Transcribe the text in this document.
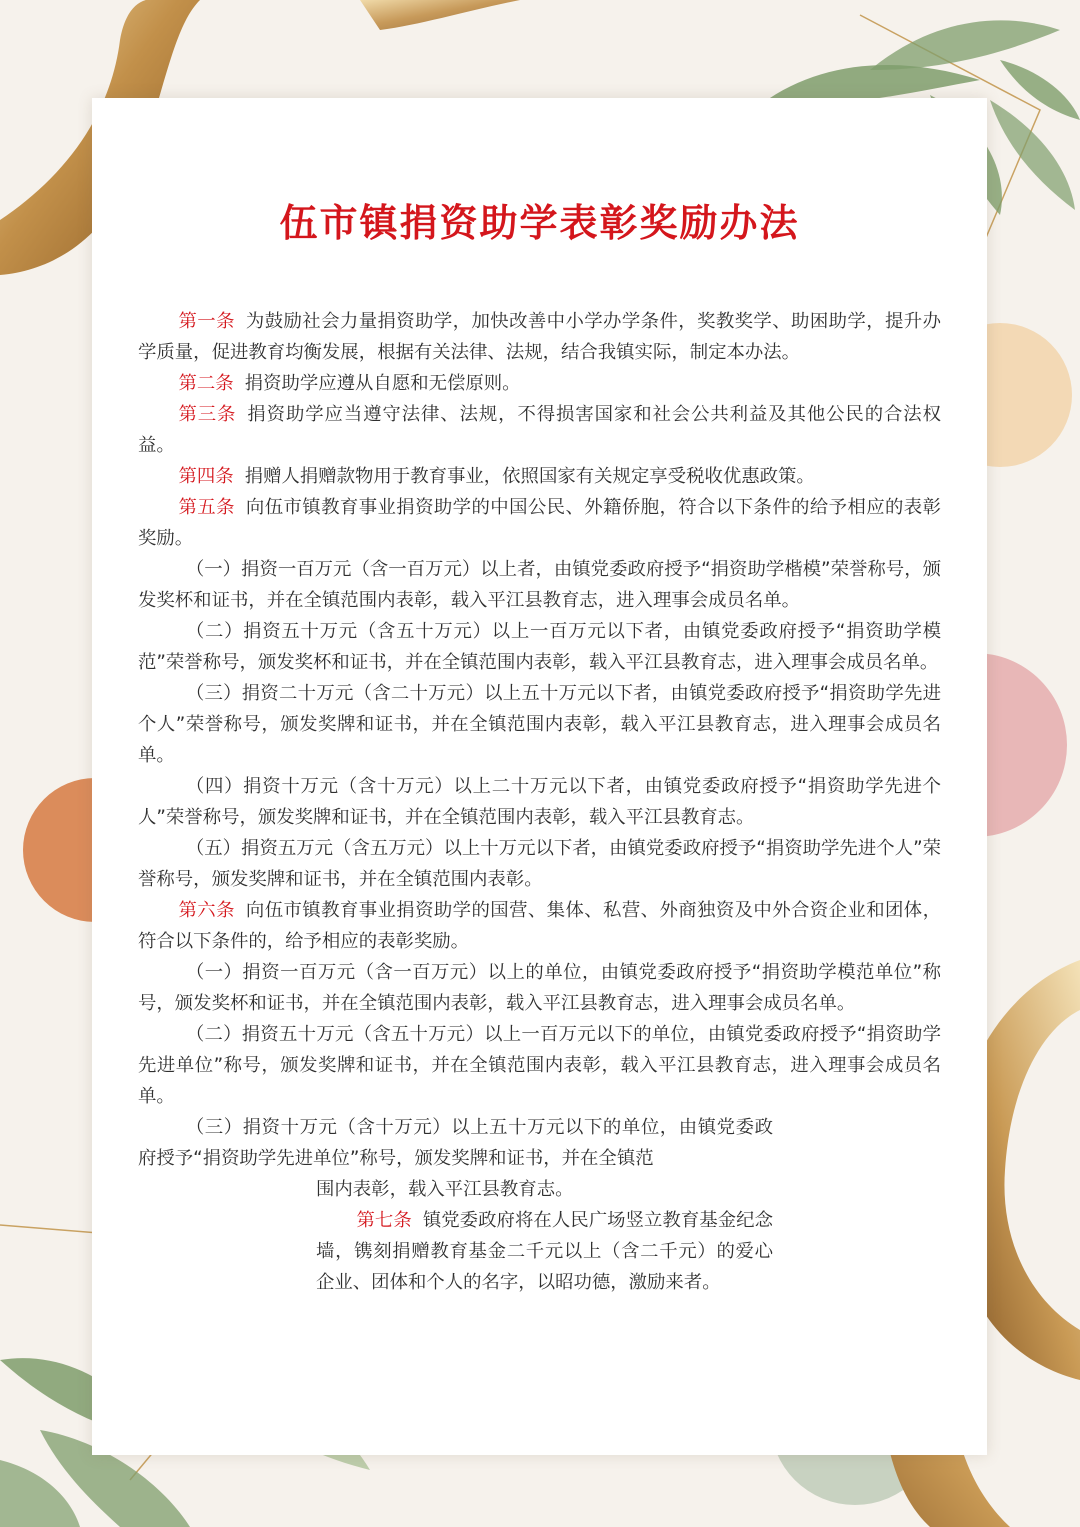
伍市镇捐资助学表彰奖励办法

第一条 为鼓励社会力量捐资助学，加快改善中小学办学条件，奖教奖学、助困助学，提升办学质量，促进教育均衡发展，根据有关法律、法规，结合我镇实际，制定本办法。

第二条 捐资助学应遵从自愿和无偿原则。

第三条 捐资助学应当遵守法律、法规，不得损害国家和社会公共利益及其他公民的合法权益。

第四条 捐赠人捐赠款物用于教育事业，依照国家有关规定享受税收优惠政策。

第五条 向伍市镇教育事业捐资助学的中国公民、外籍侨胞，符合以下条件的给予相应的表彰奖励。

（一）捐资一百万元（含一百万元）以上者，由镇党委政府授予“捐资助学楷模”荣誉称号，颁发奖杯和证书，并在全镇范围内表彰，载入平江县教育志，进入理事会成员名单。

（二）捐资五十万元（含五十万元）以上一百万元以下者，由镇党委政府授予“捐资助学模范”荣誉称号，颁发奖杯和证书，并在全镇范围内表彰，载入平江县教育志，进入理事会成员名单。

（三）捐资二十万元（含二十万元）以上五十万元以下者，由镇党委政府授予“捐资助学先进个人”荣誉称号，颁发奖牌和证书，并在全镇范围内表彰，载入平江县教育志，进入理事会成员名单。

（四）捐资十万元（含十万元）以上二十万元以下者，由镇党委政府授予“捐资助学先进个人”荣誉称号，颁发奖牌和证书，并在全镇范围内表彰，载入平江县教育志。

（五）捐资五万元（含五万元）以上十万元以下者，由镇党委政府授予“捐资助学先进个人”荣誉称号，颁发奖牌和证书，并在全镇范围内表彰。

第六条 向伍市镇教育事业捐资助学的国营、集体、私营、外商独资及中外合资企业和团体，符合以下条件的，给予相应的表彰奖励。

（一）捐资一百万元（含一百万元）以上的单位，由镇党委政府授予“捐资助学模范单位”称号，颁发奖杯和证书，并在全镇范围内表彰，载入平江县教育志，进入理事会成员名单。

（二）捐资五十万元（含五十万元）以上一百万元以下的单位，由镇党委政府授予“捐资助学先进单位”称号，颁发奖牌和证书，并在全镇范围内表彰，载入平江县教育志，进入理事会成员名单。

（三）捐资十万元（含十万元）以上五十万元以下的单位，由镇党委政府授予“捐资助学先进单位”称号，颁发奖牌和证书，并在全镇范

围内表彰，载入平江县教育志。

第七条 镇党委政府将在人民广场竖立教育基金纪念墙，镌刻捐赠教育基金二千元以上（含二千元）的爱心企业、团体和个人的名字，以昭功德，激励来者。
